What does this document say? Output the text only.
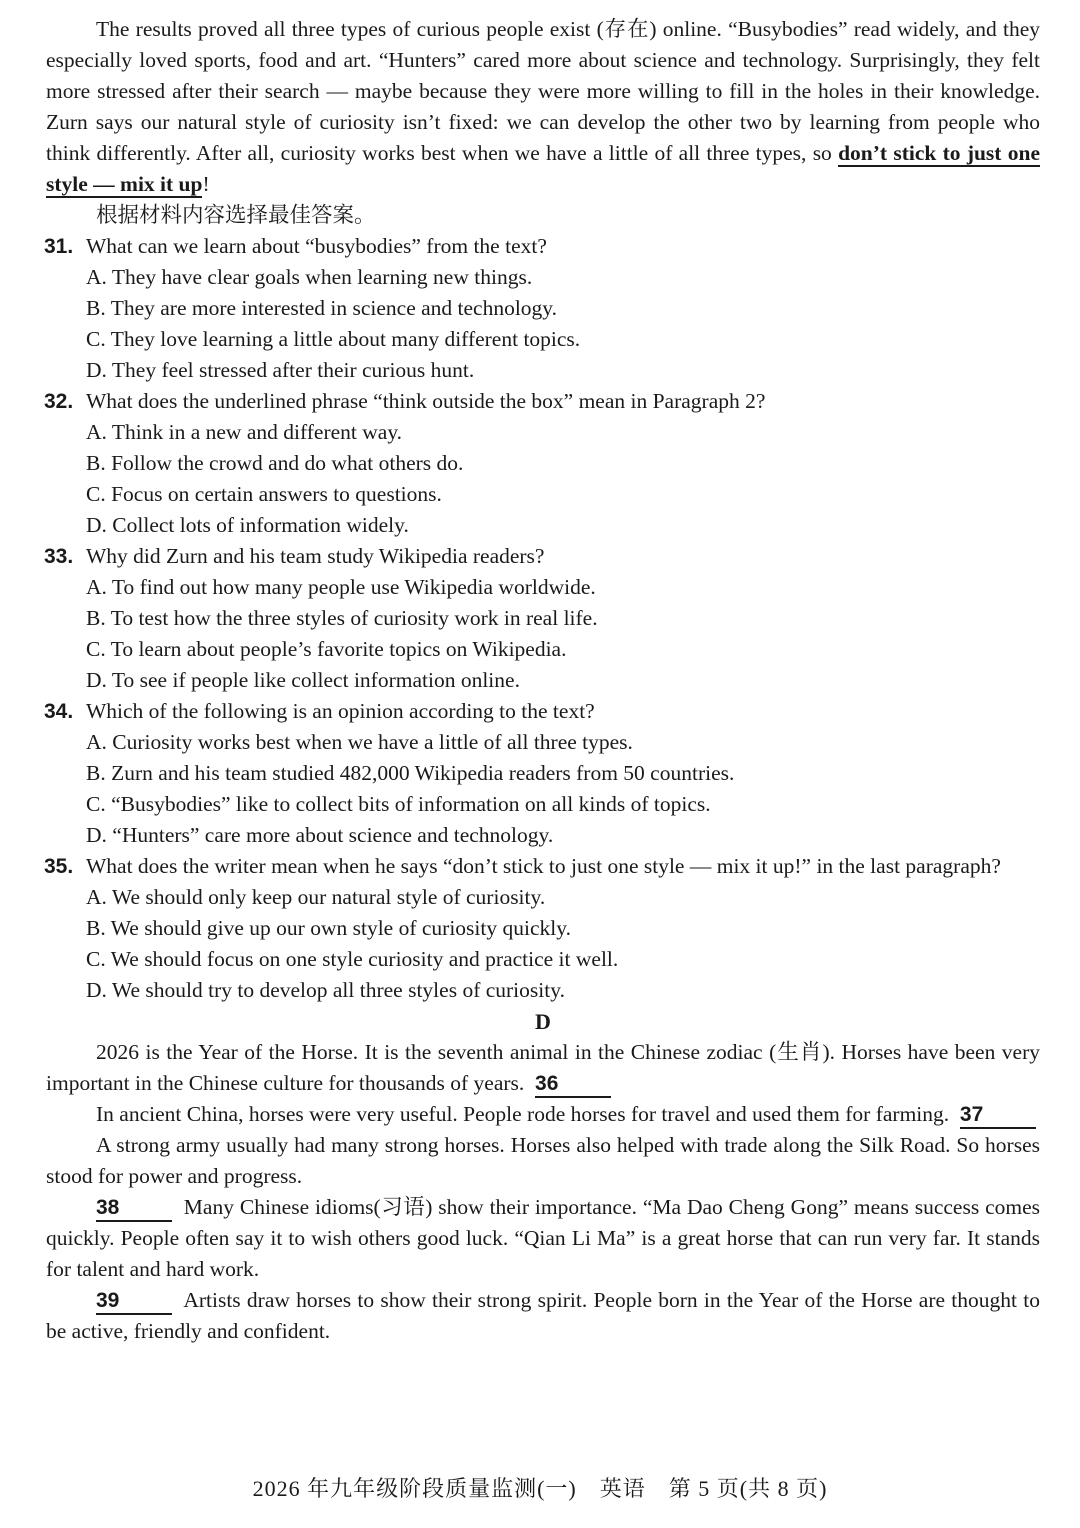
The results proved all three types of curious people exist (存在) online. “Busybodies” read widely, and they especially loved sports, food and art. “Hunters” cared more about science and technology. Surprisingly, they felt more stressed after their search — maybe because they were more willing to fill in the holes in their knowledge. Zurn says our natural style of curiosity isn’t fixed: we can develop the other two by learning from people who think differently. After all, curiosity works best when we have a little of all three types, so don’t stick to just one style — mix it up!

根据材料内容选择最佳答案。

31. What can we learn about “busybodies” from the text?

A. They have clear goals when learning new things.

B. They are more interested in science and technology.

C. They love learning a little about many different topics.

D. They feel stressed after their curious hunt.

32. What does the underlined phrase “think outside the box” mean in Paragraph 2?

A. Think in a new and different way.

B. Follow the crowd and do what others do.

C. Focus on certain answers to questions.

D. Collect lots of information widely.

33. Why did Zurn and his team study Wikipedia readers?

A. To find out how many people use Wikipedia worldwide.

B. To test how the three styles of curiosity work in real life.

C. To learn about people’s favorite topics on Wikipedia.

D. To see if people like collect information online.

34. Which of the following is an opinion according to the text?

A. Curiosity works best when we have a little of all three types.

B. Zurn and his team studied 482,000 Wikipedia readers from 50 countries.

C. “Busybodies” like to collect bits of information on all kinds of topics.

D. “Hunters” care more about science and technology.

35. What does the writer mean when he says “don’t stick to just one style — mix it up!” in the last paragraph?

A. We should only keep our natural style of curiosity.

B. We should give up our own style of curiosity quickly.

C. We should focus on one style curiosity and practice it well.

D. We should try to develop all three styles of curiosity.

D

2026 is the Year of the Horse. It is the seventh animal in the Chinese zodiac (生肖). Horses have been very important in the Chinese culture for thousands of years. 36

In ancient China, horses were very useful. People rode horses for travel and used them for farming. 37

A strong army usually had many strong horses. Horses also helped with trade along the Silk Road. So horses stood for power and progress.

38	Many Chinese idioms(习语) show their importance. “Ma Dao Cheng Gong” means success comes quickly. People often say it to wish others good luck. “Qian Li Ma” is a great horse that can run very far. It stands for talent and hard work.

39	Artists draw horses to show their strong spirit. People born in the Year of the Horse are thought to be active, friendly and confident.

2026 年九年级阶段质量监测(一)　英语　第 5 页(共 8 页)
